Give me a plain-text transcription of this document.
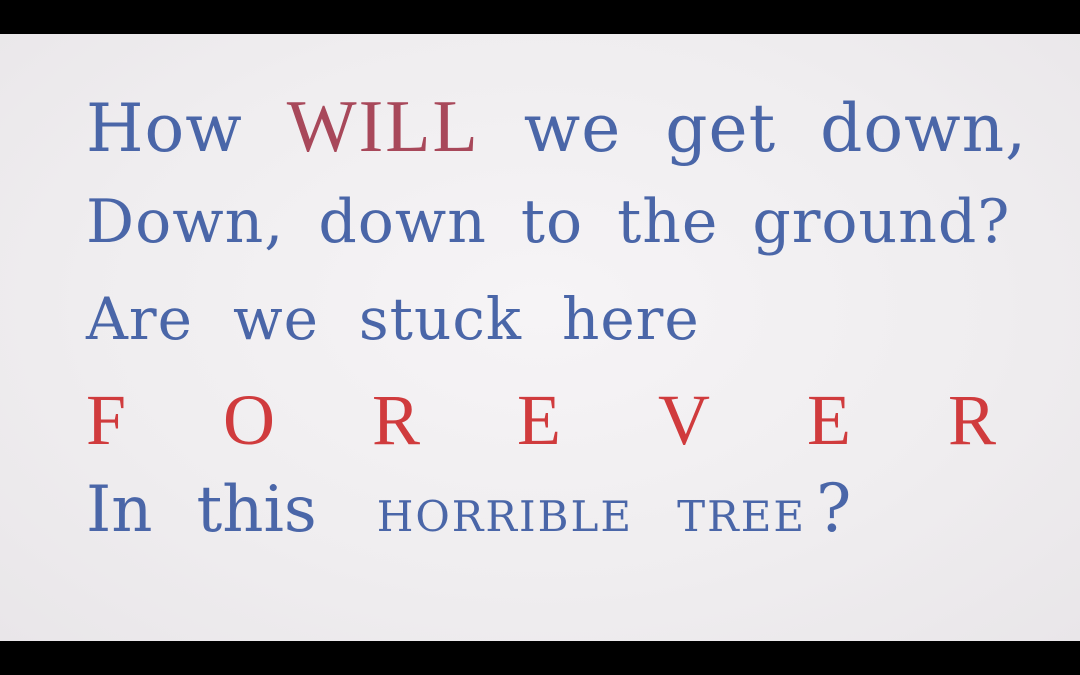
How WILL we get down,

Down, down to the ground?

Are we stuck here

F O R E V E R

In this HORRIBLE TREE ?
